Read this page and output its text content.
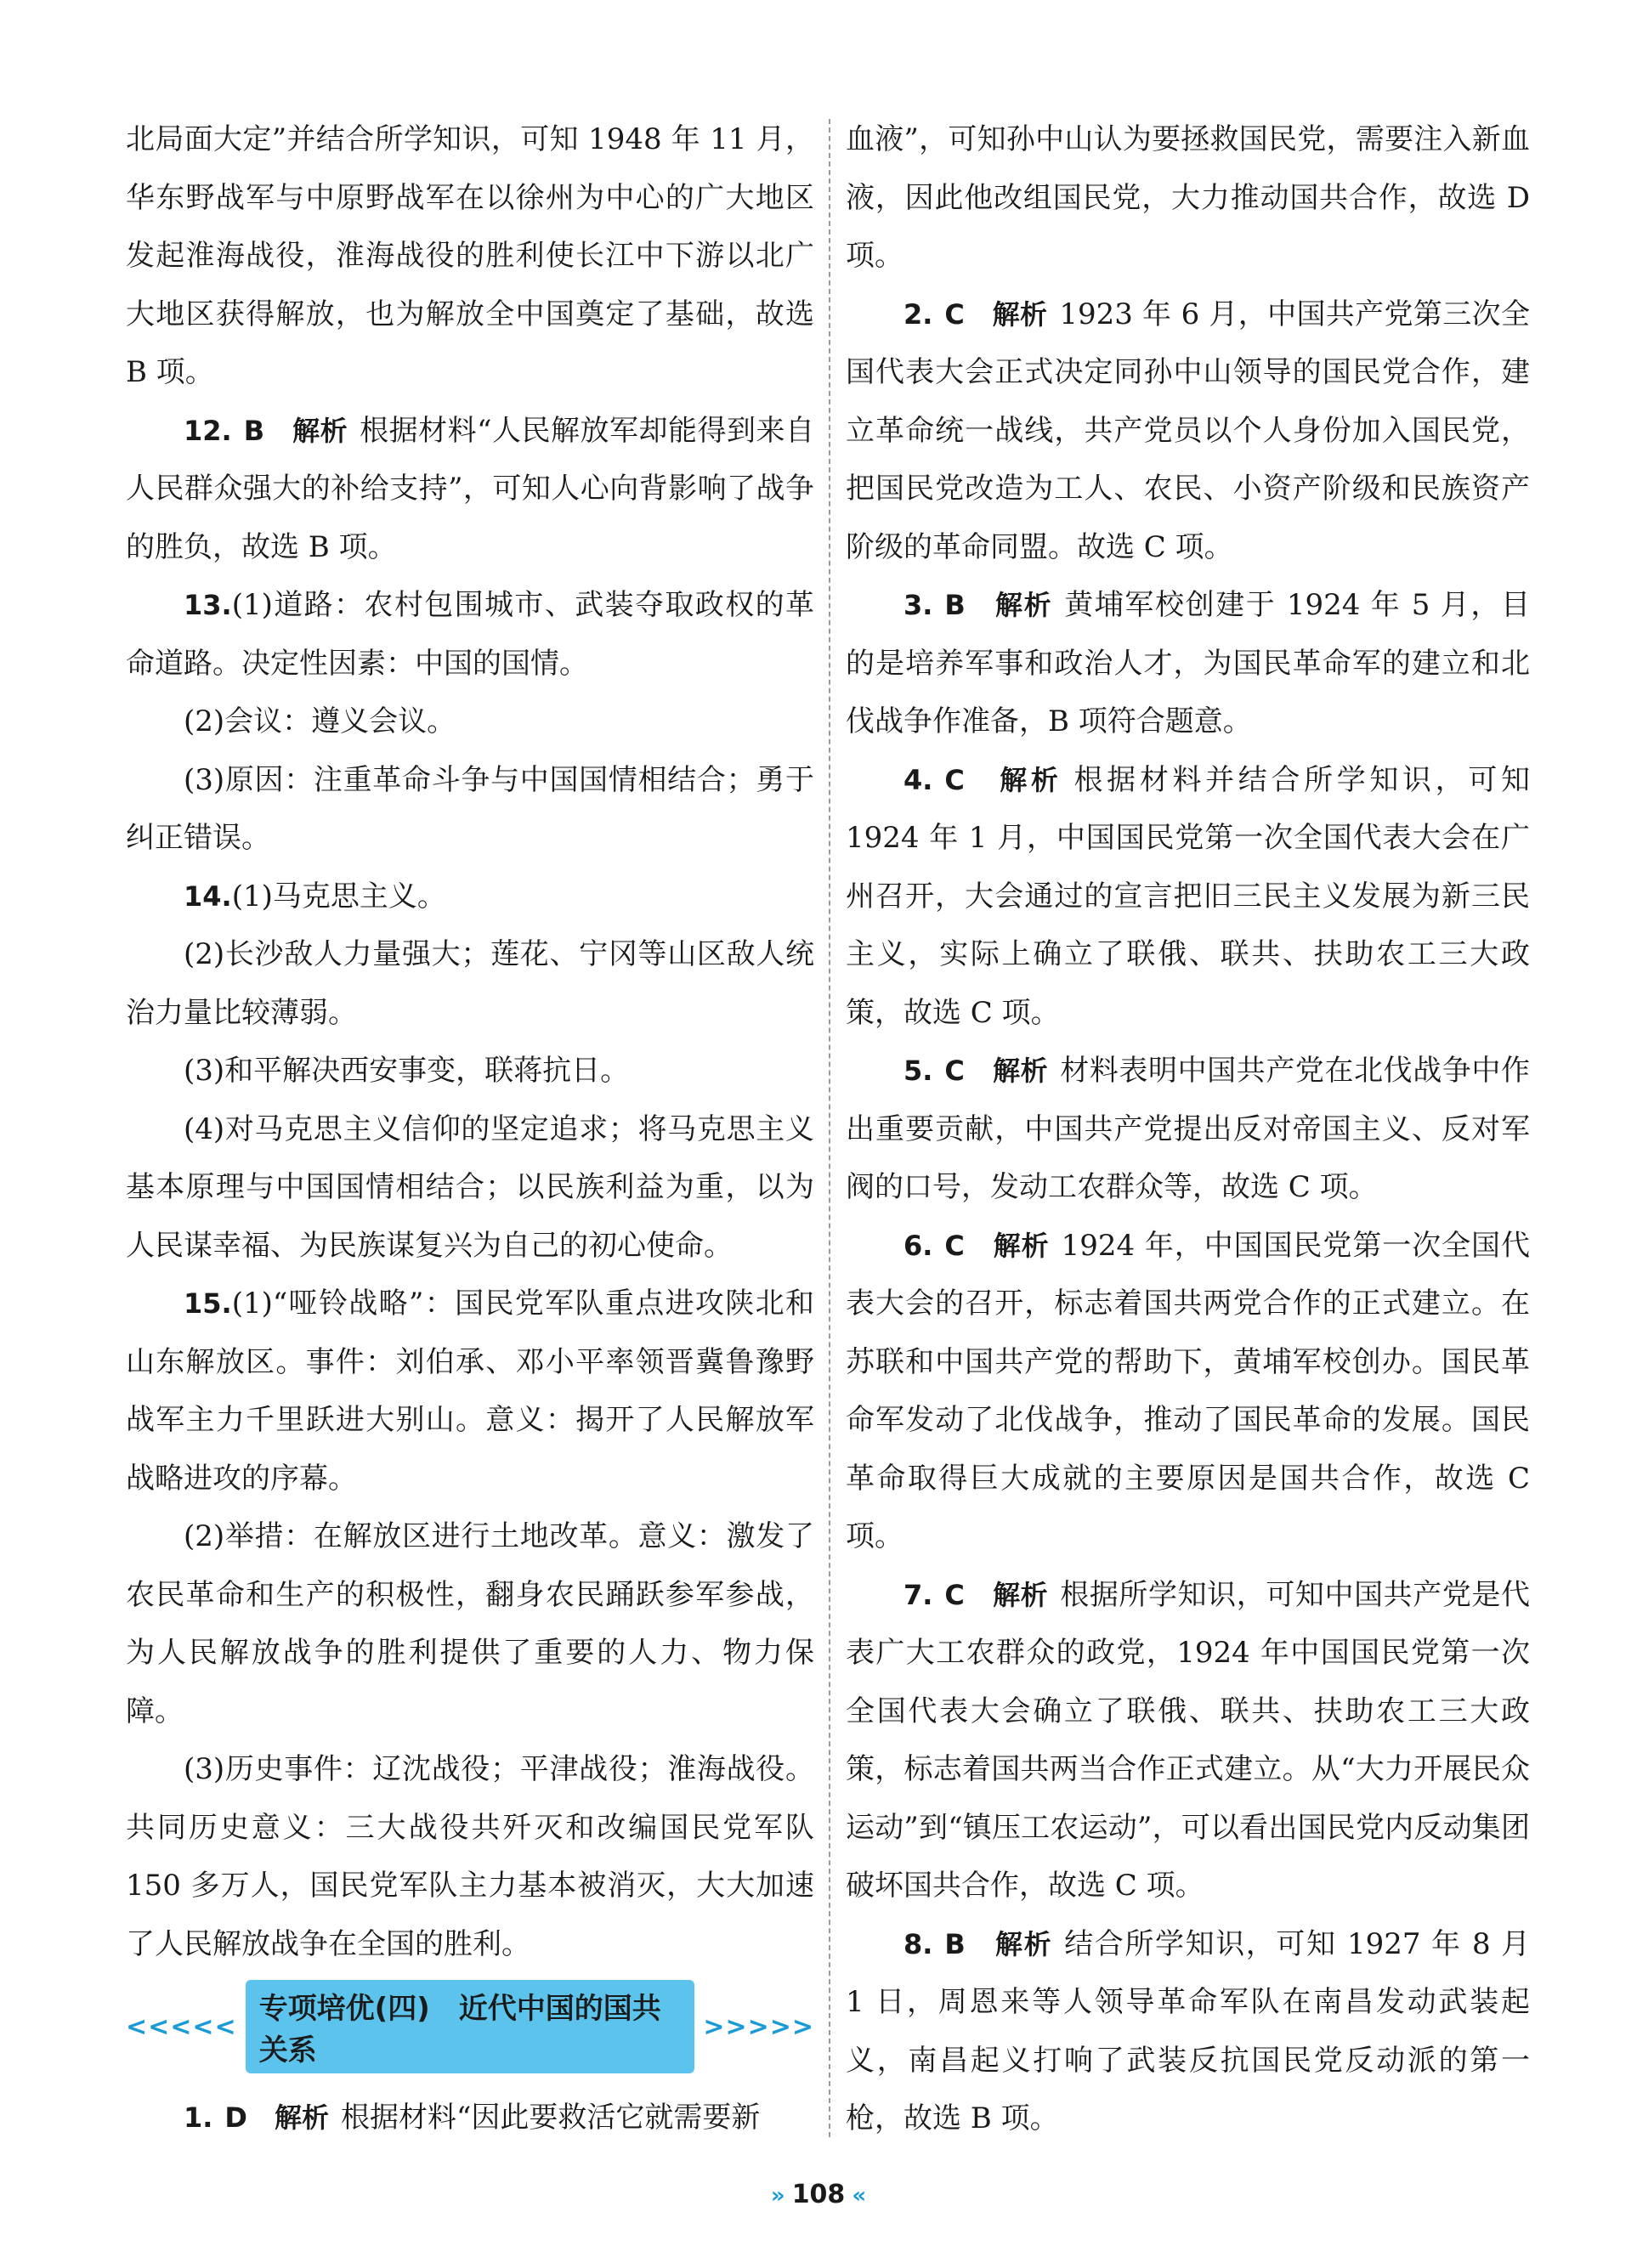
北局面大定”并结合所学知识，可知 1948 年 11 月，华东野战军与中原野战军在以徐州为中心的广大地区发起淮海战役，淮海战役的胜利使长江中下游以北广大地区获得解放，也为解放全中国奠定了基础，故选 B 项。

12. B　解析 根据材料“人民解放军却能得到来自人民群众强大的补给支持”，可知人心向背影响了战争的胜负，故选 B 项。

13.(1)道路：农村包围城市、武装夺取政权的革命道路。决定性因素：中国的国情。

(2)会议：遵义会议。

(3)原因：注重革命斗争与中国国情相结合；勇于纠正错误。

14.(1)马克思主义。

(2)长沙敌人力量强大；莲花、宁冈等山区敌人统治力量比较薄弱。

(3)和平解决西安事变，联蒋抗日。

(4)对马克思主义信仰的坚定追求；将马克思主义基本原理与中国国情相结合；以民族利益为重，以为人民谋幸福、为民族谋复兴为自己的初心使命。

15.(1)“哑铃战略”：国民党军队重点进攻陕北和山东解放区。事件：刘伯承、邓小平率领晋冀鲁豫野战军主力千里跃进大别山。意义：揭开了人民解放军战略进攻的序幕。

(2)举措：在解放区进行土地改革。意义：激发了农民革命和生产的积极性，翻身农民踊跃参军参战，为人民解放战争的胜利提供了重要的人力、物力保障。

(3)历史事件：辽沈战役；平津战役；淮海战役。共同历史意义：三大战役共歼灭和改编国民党军队 150 多万人，国民党军队主力基本被消灭，大大加速了人民解放战争在全国的胜利。

血液”，可知孙中山认为要拯救国民党，需要注入新血液，因此他改组国民党，大力推动国共合作，故选 D 项。

2. C　解析 1923 年 6 月，中国共产党第三次全国代表大会正式决定同孙中山领导的国民党合作，建立革命统一战线，共产党员以个人身份加入国民党，把国民党改造为工人、农民、小资产阶级和民族资产阶级的革命同盟。故选 C 项。

3. B　解析 黄埔军校创建于 1924 年 5 月，目的是培养军事和政治人才，为国民革命军的建立和北伐战争作准备，B 项符合题意。

4. C　解析 根据材料并结合所学知识，可知 1924 年 1 月，中国国民党第一次全国代表大会在广州召开，大会通过的宣言把旧三民主义发展为新三民主义，实际上确立了联俄、联共、扶助农工三大政策，故选 C 项。

5. C　解析 材料表明中国共产党在北伐战争中作出重要贡献，中国共产党提出反对帝国主义、反对军阀的口号，发动工农群众等，故选 C 项。

6. C　解析 1924 年，中国国民党第一次全国代表大会的召开，标志着国共两党合作的正式建立。在苏联和中国共产党的帮助下，黄埔军校创办。国民革命军发动了北伐战争，推动了国民革命的发展。国民革命取得巨大成就的主要原因是国共合作，故选 C 项。

7. C　解析 根据所学知识，可知中国共产党是代表广大工农群众的政党，1924 年中国国民党第一次全国代表大会确立了联俄、联共、扶助农工三大政策，标志着国共两当合作正式建立。从“大力开展民众运动”到“镇压工农运动”，可以看出国民党内反动集团破坏国共合作，故选 C 项。

8. B　解析 结合所学知识，可知 1927 年 8 月 1 日，周恩来等人领导革命军队在南昌发动武装起义，南昌起义打响了武装反抗国民党反动派的第一枪，故选 B 项。

<<<<<
专项培优(四)　近代中国的国共关系
>>>>>

1. D　解析 根据材料“因此要救活它就需要新

» 108 «
